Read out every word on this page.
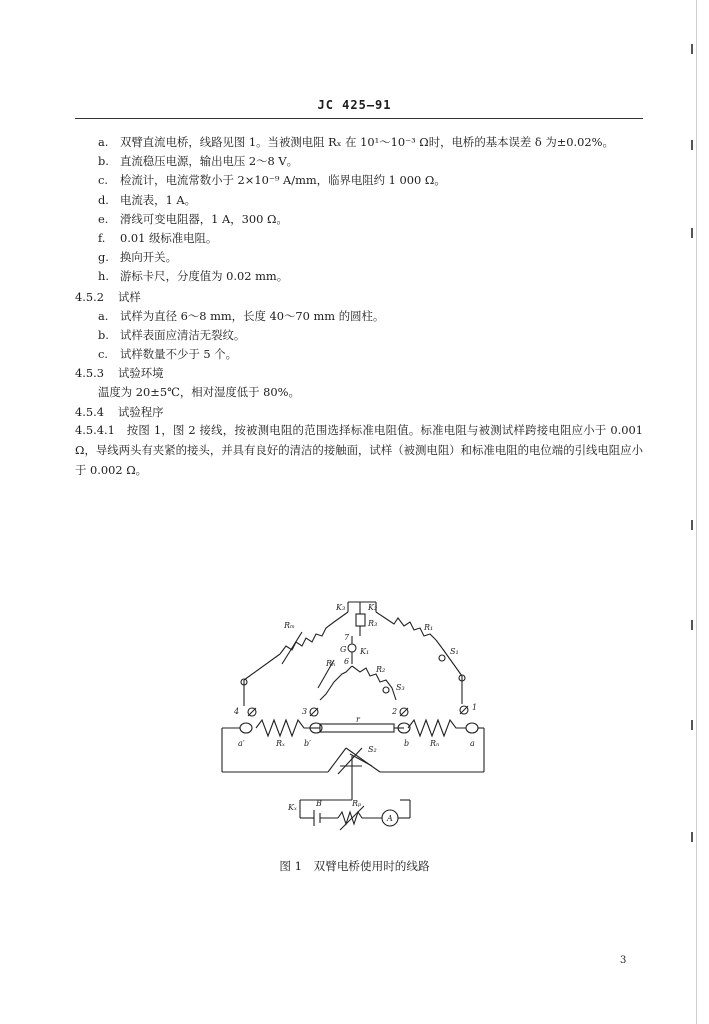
JC 425—91
a. 双臂直流电桥，线路见图 1。当被测电阻 Rₓ 在 10¹～10⁻³ Ω时，电桥的基本误差 δ 为±0.02%。
b. 直流稳压电源，输出电压 2～8 V。
c. 检流计，电流常数小于 2×10⁻⁹ A/mm，临界电阻约 1 000 Ω。
d. 电流表，1 A。
e. 滑线可变电阻器，1 A，300 Ω。
f. 0.01 级标准电阻。
g. 换向开关。
h. 游标卡尺，分度值为 0.02 mm。
4.5.2 试样
a. 试样为直径 6～8 mm，长度 40～70 mm 的圆柱。
b. 试样表面应清洁无裂纹。
c. 试样数量不少于 5 个。
4.5.3 试验环境
温度为 20±5℃，相对湿度低于 80%。
4.5.4 试验程序
4.5.4.1　按图 1，图 2 接线，按被测电阻的范围选择标准电阻值。标准电阻与被测试样跨接电阻应小于 0.001 Ω，导线两头有夹紧的接头，并具有良好的清洁的接触面，试样（被测电阻）和标准电阻的电位端的引线电阻应小于 0.002 Ω。
K₃	K₂
R₃
Rₘ	R₁
S₁
7
G K₁
6
Rₙ
R₂
S₃
4	3	2	1
r
a′	Rₓ b′	b	Rₙ	a
S₂
Kₓ B	Rₚ
A
图 1　双臂电桥使用时的线路
3
